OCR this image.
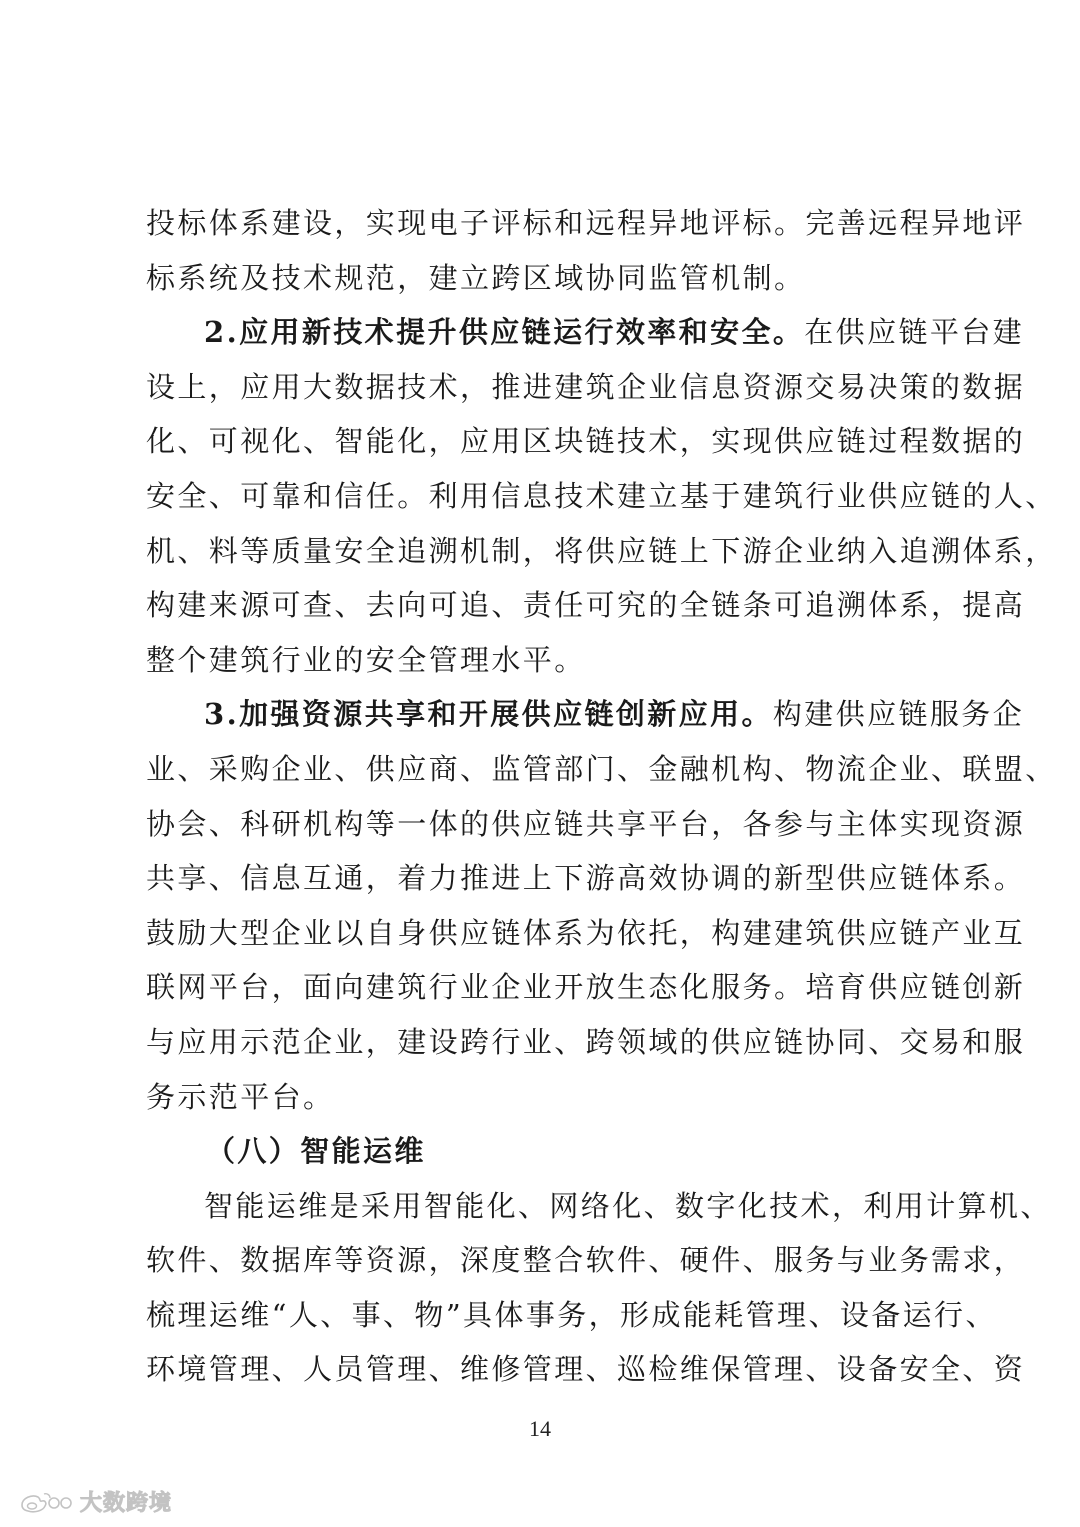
投标体系建设，实现电子评标和远程异地评标。完善远程异地评
标系统及技术规范，建立跨区域协同监管机制。
2.应用新技术提升供应链运行效率和安全。在供应链平台建
设上，应用大数据技术，推进建筑企业信息资源交易决策的数据
化、可视化、智能化，应用区块链技术，实现供应链过程数据的
安全、可靠和信任。利用信息技术建立基于建筑行业供应链的人、
机、料等质量安全追溯机制，将供应链上下游企业纳入追溯体系，
构建来源可查、去向可追、责任可究的全链条可追溯体系，提高
整个建筑行业的安全管理水平。
3.加强资源共享和开展供应链创新应用。构建供应链服务企
业、采购企业、供应商、监管部门、金融机构、物流企业、联盟、
协会、科研机构等一体的供应链共享平台，各参与主体实现资源
共享、信息互通，着力推进上下游高效协调的新型供应链体系。
鼓励大型企业以自身供应链体系为依托，构建建筑供应链产业互
联网平台，面向建筑行业企业开放生态化服务。培育供应链创新
与应用示范企业，建设跨行业、跨领域的供应链协同、交易和服
务示范平台。
（八）智能运维
智能运维是采用智能化、网络化、数字化技术，利用计算机、
软件、数据库等资源，深度整合软件、硬件、服务与业务需求，
梳理运维“人、事、物”具体事务，形成能耗管理、设备运行、
环境管理、人员管理、维修管理、巡检维保管理、设备安全、资
14
大数跨境
